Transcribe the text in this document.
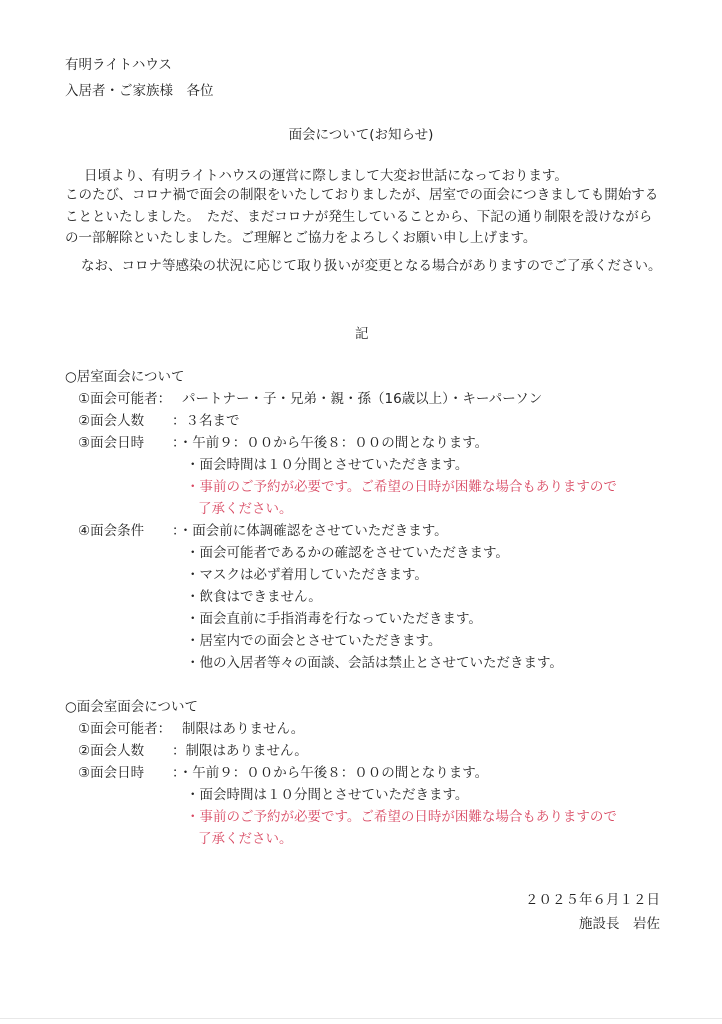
有明ライトハウス
入居者・ご家族様　各位
面会について(お知らせ)
日頃より、有明ライトハウスの運営に際しまして大変お世話になっております。
このたび、コロナ禍で面会の制限をいたしておりましたが、居室での面会につきましても開始することといたしました。　ただ、まだコロナが発生していることから、下記の通り制限を設けながらの一部解除といたしました。ご理解とご協力をよろしくお願い申し上げます。
なお、コロナ等感染の状況に応じて取り扱いが変更となる場合がありますのでご了承ください。
記
○居室面会について
①面会可能者： パートナー・子・兄弟・親・孫（16歳以上）・キーパーソン
②面会人数 ：３名まで
③面会日時 ：・午前９：００から午後８：００の間となります。
・面会時間は１０分間とさせていただきます。
・事前のご予約が必要です。ご希望の日時が困難な場合もありますので
了承ください。
④面会条件 ：・面会前に体調確認をさせていただきます。
・面会可能者であるかの確認をさせていただきます。
・マスクは必ず着用していただきます。
・飲食はできません。
・面会直前に手指消毒を行なっていただきます。
・居室内での面会とさせていただきます。
・他の入居者等々の面談、会話は禁止とさせていただきます。
○面会室面会について
①面会可能者： 制限はありません。
②面会人数 ：制限はありません。
③面会日時 ：・午前９：００から午後８：００の間となります。
・面会時間は１０分間とさせていただきます。
・事前のご予約が必要です。ご希望の日時が困難な場合もありますので
了承ください。
２０２５年６月１２日
施設長　岩佐
